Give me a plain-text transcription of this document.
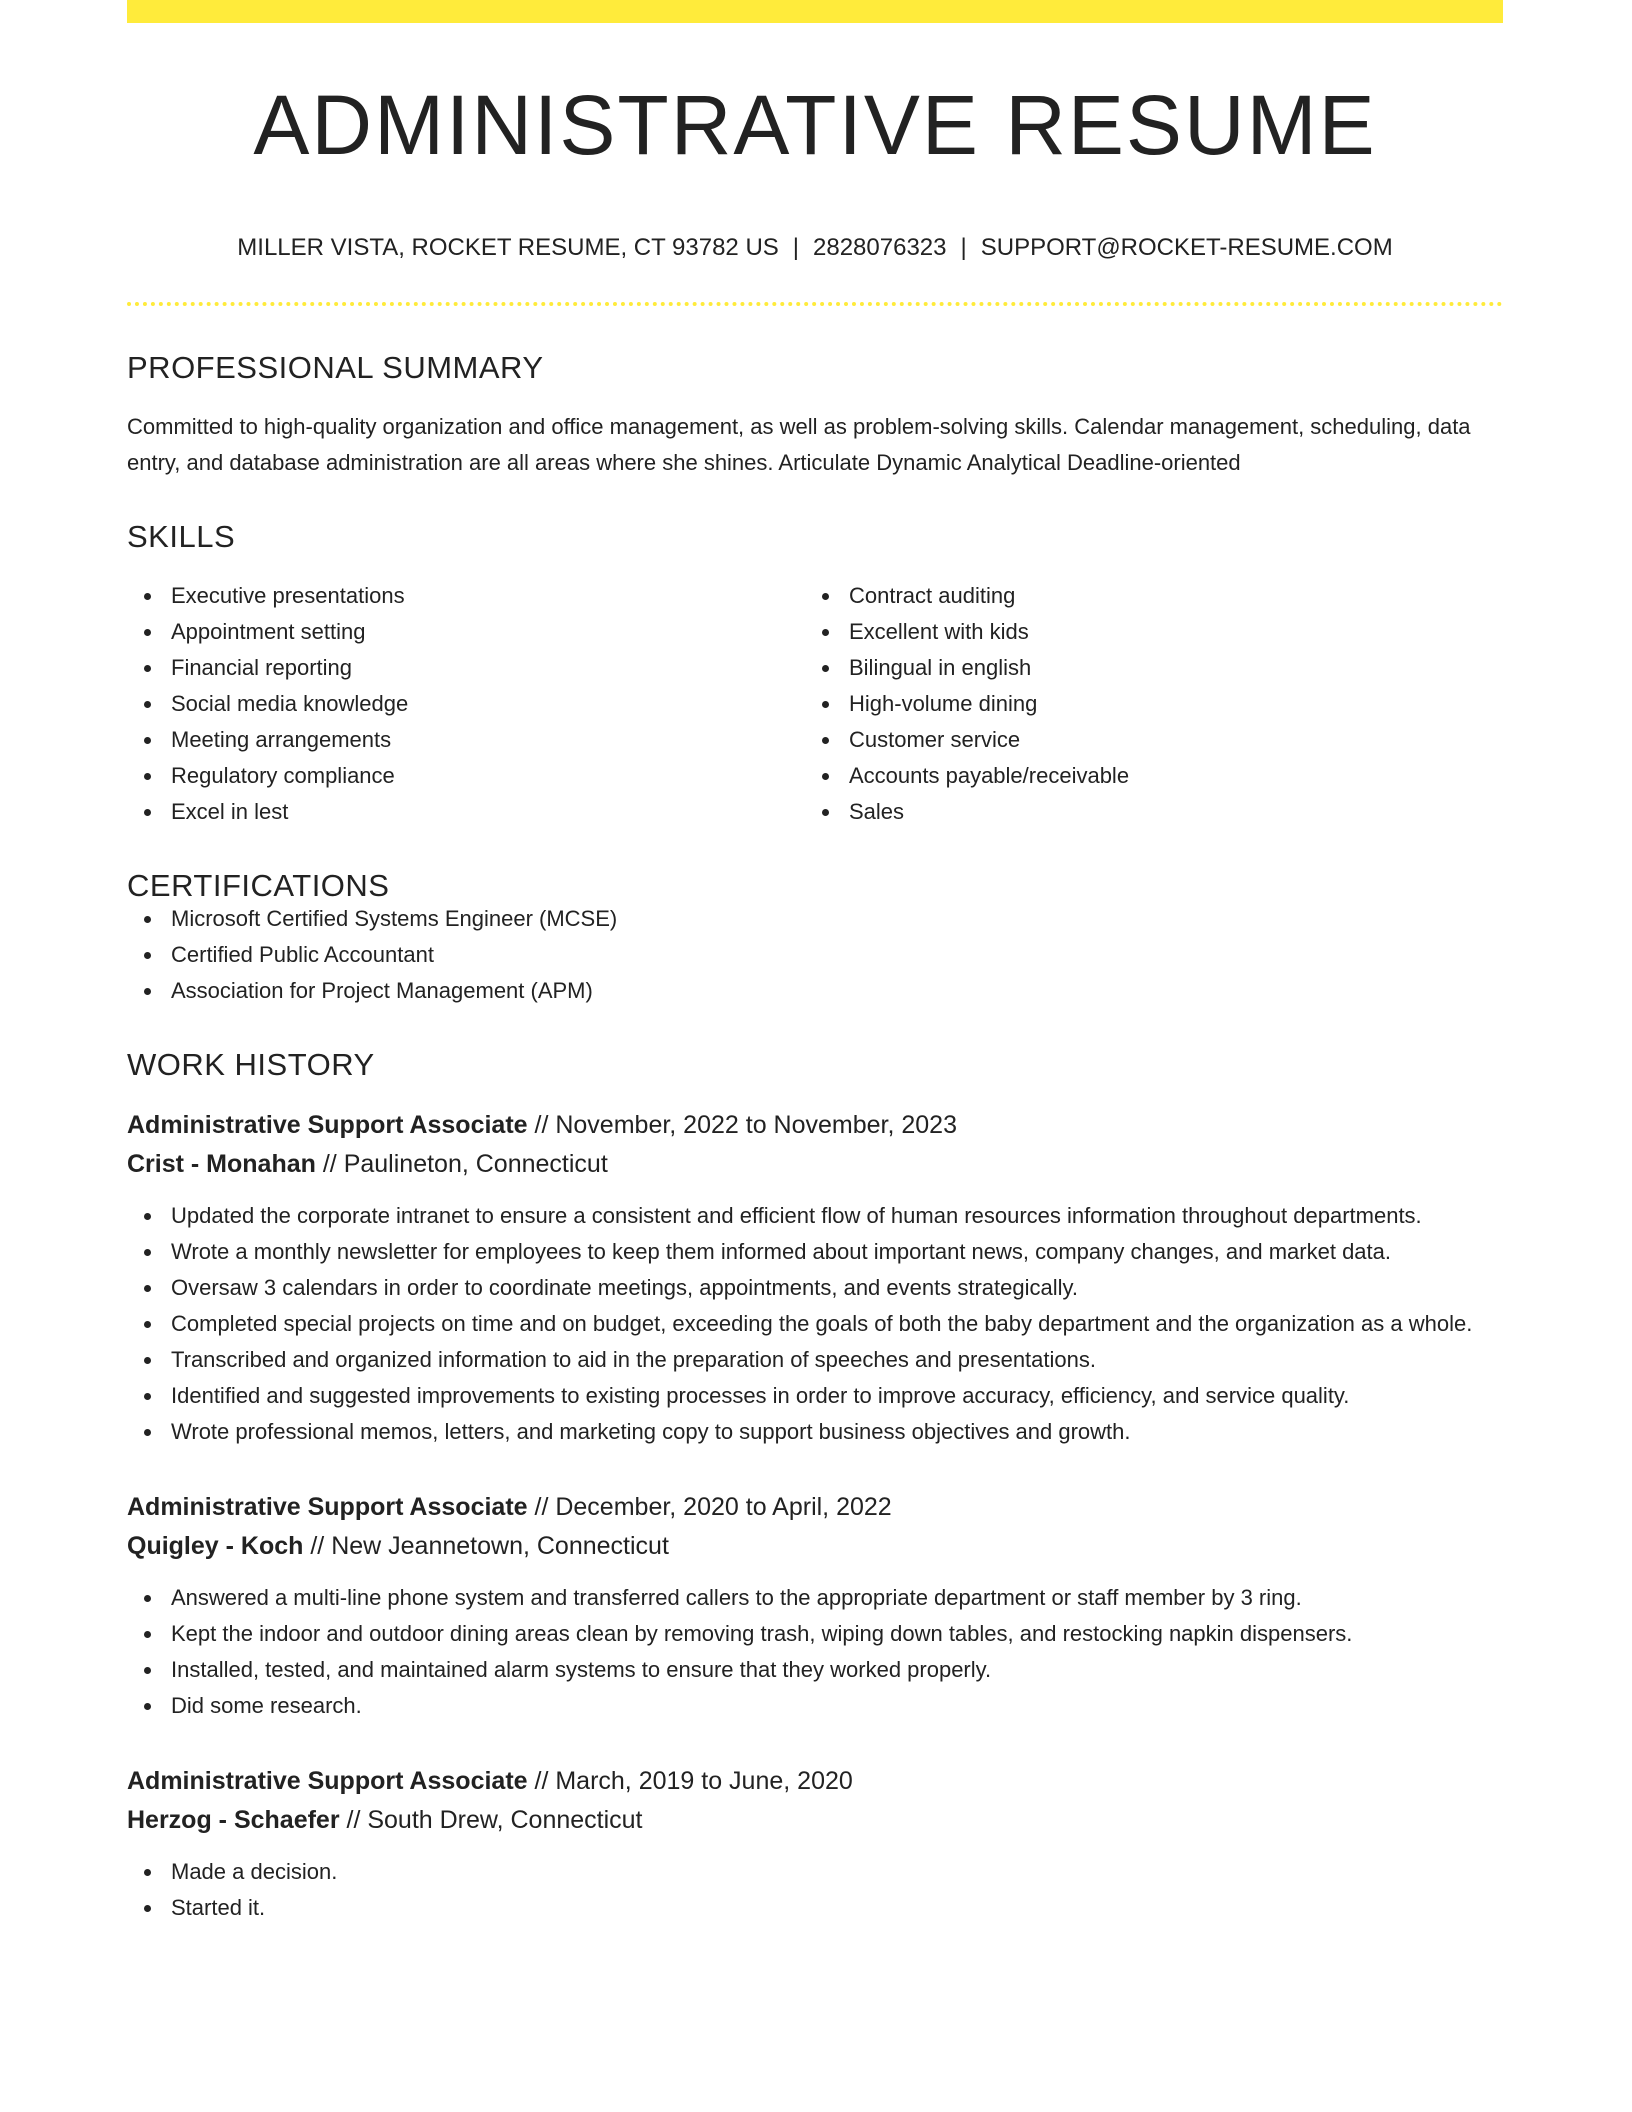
ADMINISTRATIVE RESUME
MILLER VISTA, ROCKET RESUME, CT 93782 US | 2828076323 | SUPPORT@ROCKET-RESUME.COM
PROFESSIONAL SUMMARY

Committed to high-quality organization and office management, as well as problem-solving skills. Calendar management, scheduling, data entry, and database administration are all areas where she shines. Articulate Dynamic Analytical Deadline-oriented

SKILLS
Executive presentations
Appointment setting
Financial reporting
Social media knowledge
Meeting arrangements
Regulatory compliance
Excel in lest
Contract auditing
Excellent with kids
Bilingual in english
High-volume dining
Customer service
Accounts payable/receivable
Sales
CERTIFICATIONS
Microsoft Certified Systems Engineer (MCSE)
Certified Public Accountant
Association for Project Management (APM)
WORK HISTORY
Administrative Support Associate // November, 2022 to November, 2023
Crist - Monahan // Paulineton, Connecticut
Updated the corporate intranet to ensure a consistent and efficient flow of human resources information throughout departments.
Wrote a monthly newsletter for employees to keep them informed about important news, company changes, and market data.
Oversaw 3 calendars in order to coordinate meetings, appointments, and events strategically.
Completed special projects on time and on budget, exceeding the goals of both the baby department and the organization as a whole.
Transcribed and organized information to aid in the preparation of speeches and presentations.
Identified and suggested improvements to existing processes in order to improve accuracy, efficiency, and service quality.
Wrote professional memos, letters, and marketing copy to support business objectives and growth.
Administrative Support Associate // December, 2020 to April, 2022
Quigley - Koch // New Jeannetown, Connecticut
Answered a multi-line phone system and transferred callers to the appropriate department or staff member by 3 ring.
Kept the indoor and outdoor dining areas clean by removing trash, wiping down tables, and restocking napkin dispensers.
Installed, tested, and maintained alarm systems to ensure that they worked properly.
Did some research.
Administrative Support Associate // March, 2019 to June, 2020
Herzog - Schaefer // South Drew, Connecticut
Made a decision.
Started it.
